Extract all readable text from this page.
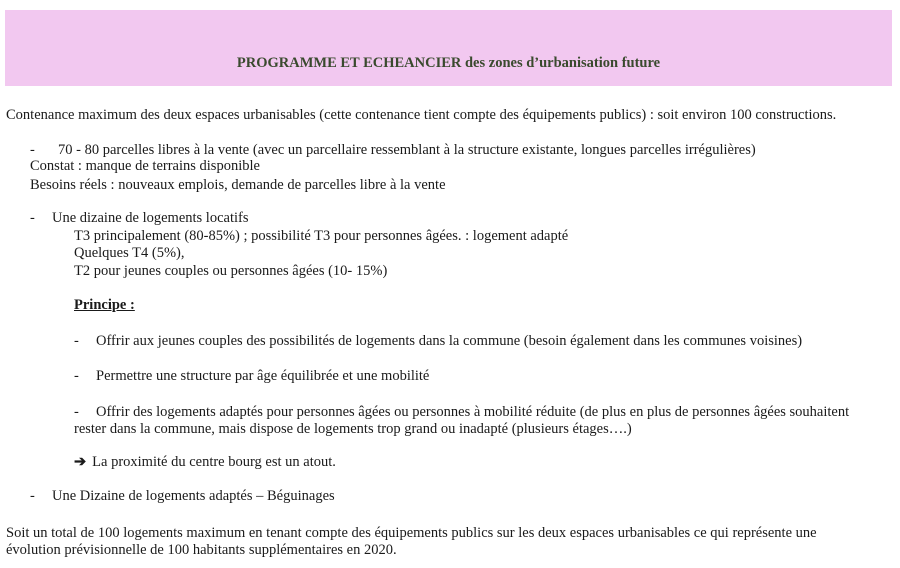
PROGRAMME ET ECHEANCIER des zones d’urbanisation future
Contenance maximum des deux espaces urbanisables (cette contenance tient compte des équipements publics) : soit environ 100 constructions.
- 70 - 80 parcelles libres à la vente (avec un parcellaire ressemblant à la structure existante, longues parcelles irrégulières)
Constat : manque de terrains disponible
Besoins réels : nouveaux emplois, demande de parcelles libre à la vente
- Une dizaine de logements locatifs
T3 principalement (80-85%) ; possibilité T3 pour personnes âgées. : logement adapté
Quelques T4 (5%),
T2 pour jeunes couples ou personnes âgées (10- 15%)
Principe :
- Offrir aux jeunes couples des possibilités de logements dans la commune (besoin également dans les communes voisines)
- Permettre une structure par âge équilibrée et une mobilité
- Offrir des logements adaptés pour personnes âgées ou personnes à mobilité réduite (de plus en plus de personnes âgées souhaitent
rester dans la commune, mais dispose de logements trop grand ou inadapté (plusieurs étages….)
➔ La proximité du centre bourg est un atout.
- Une Dizaine de logements adaptés – Béguinages
Soit un total de 100 logements maximum en tenant compte des équipements publics sur les deux espaces urbanisables ce qui représente une
évolution prévisionnelle de 100 habitants supplémentaires en 2020.
